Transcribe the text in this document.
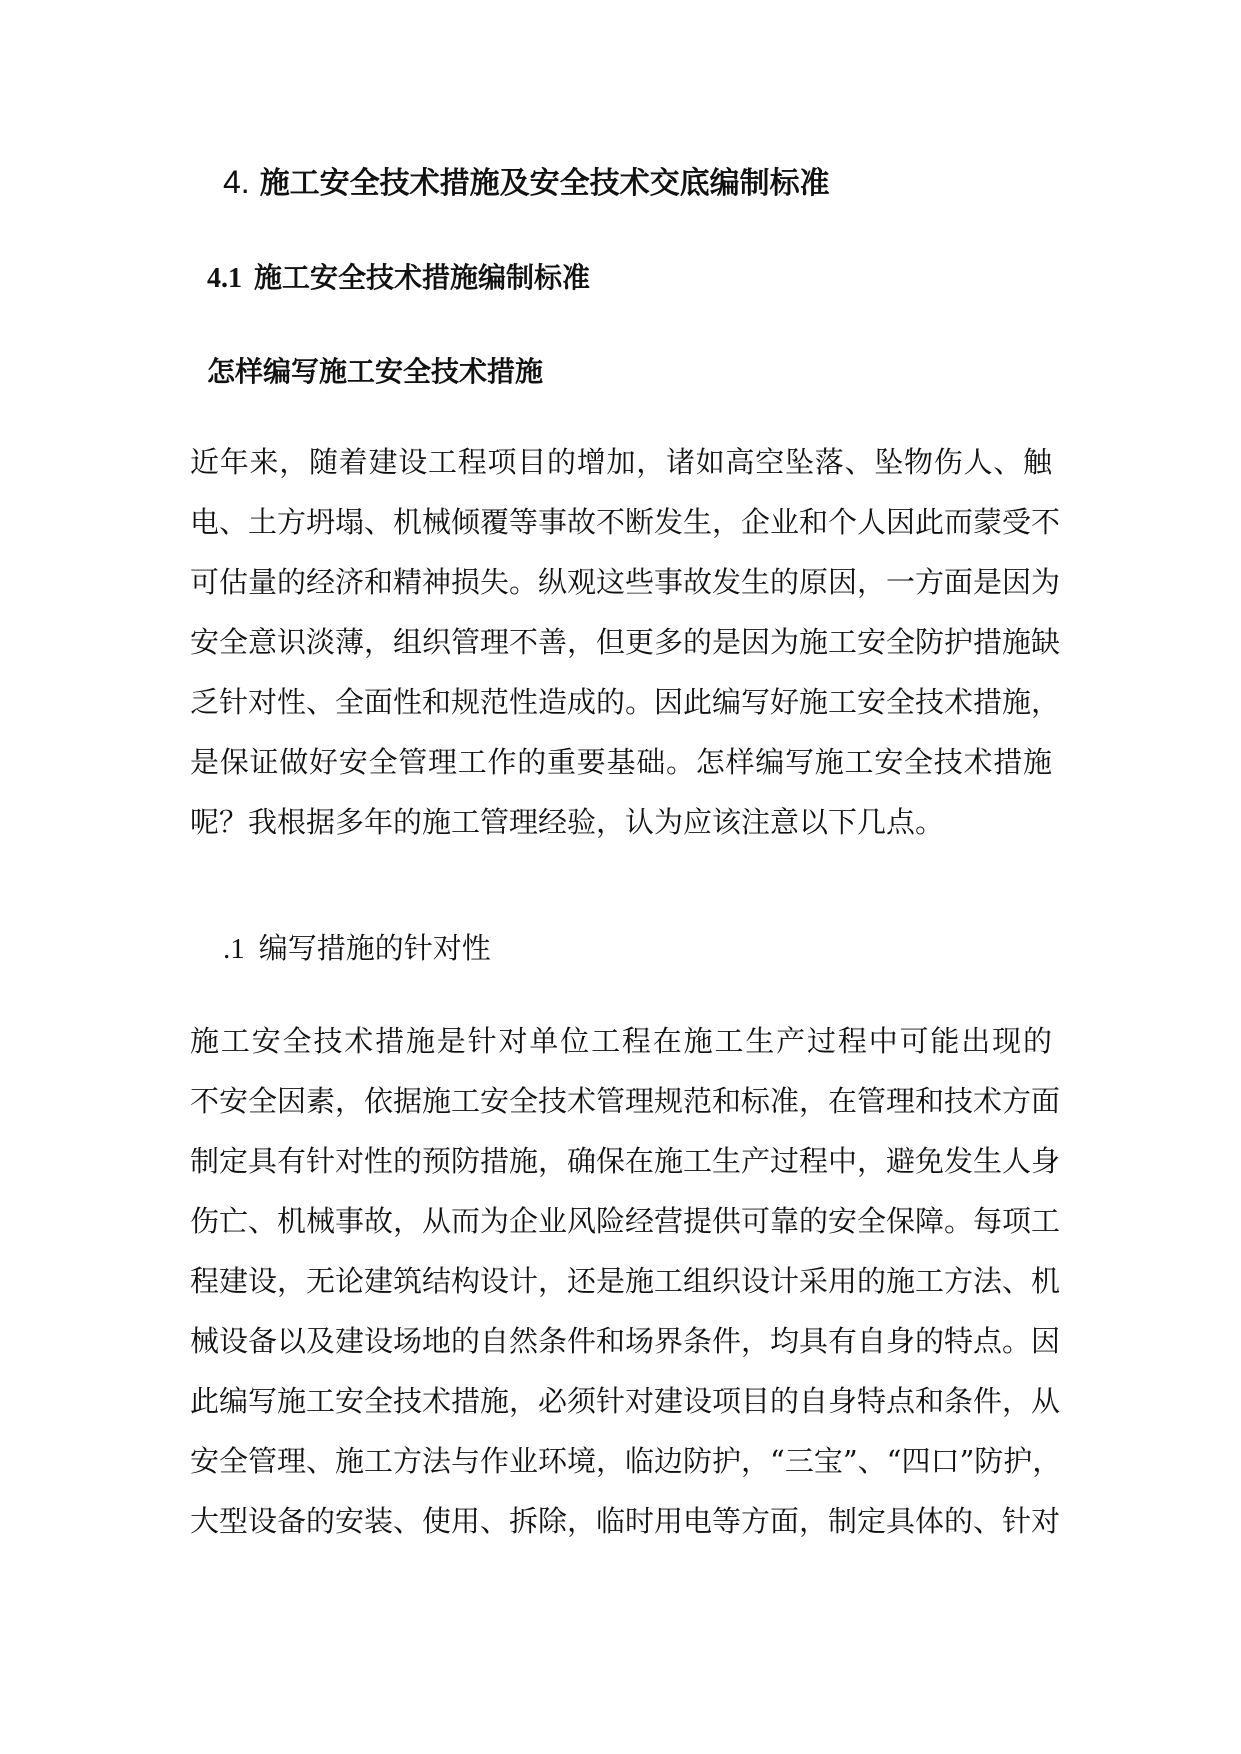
4. 施工安全技术措施及安全技术交底编制标准
4.1 施工安全技术措施编制标准
怎样编写施工安全技术措施
近年来，随着建设工程项目的增加，诸如高空坠落、坠物伤人、触
电、土方坍塌、机械倾覆等事故不断发生，企业和个人因此而蒙受不
可估量的经济和精神损失。纵观这些事故发生的原因，一方面是因为
安全意识淡薄，组织管理不善，但更多的是因为施工安全防护措施缺
乏针对性、全面性和规范性造成的。因此编写好施工安全技术措施，
是保证做好安全管理工作的重要基础。怎样编写施工安全技术措施
呢？我根据多年的施工管理经验，认为应该注意以下几点。
.1 编写措施的针对性
施工安全技术措施是针对单位工程在施工生产过程中可能出现的
不安全因素，依据施工安全技术管理规范和标准，在管理和技术方面
制定具有针对性的预防措施，确保在施工生产过程中，避免发生人身
伤亡、机械事故，从而为企业风险经营提供可靠的安全保障。每项工
程建设，无论建筑结构设计，还是施工组织设计采用的施工方法、机
械设备以及建设场地的自然条件和场界条件，均具有自身的特点。因
此编写施工安全技术措施，必须针对建设项目的自身特点和条件，从
安全管理、施工方法与作业环境，临边防护，“三宝”、“四口”防护，
大型设备的安装、使用、拆除，临时用电等方面，制定具体的、针对
